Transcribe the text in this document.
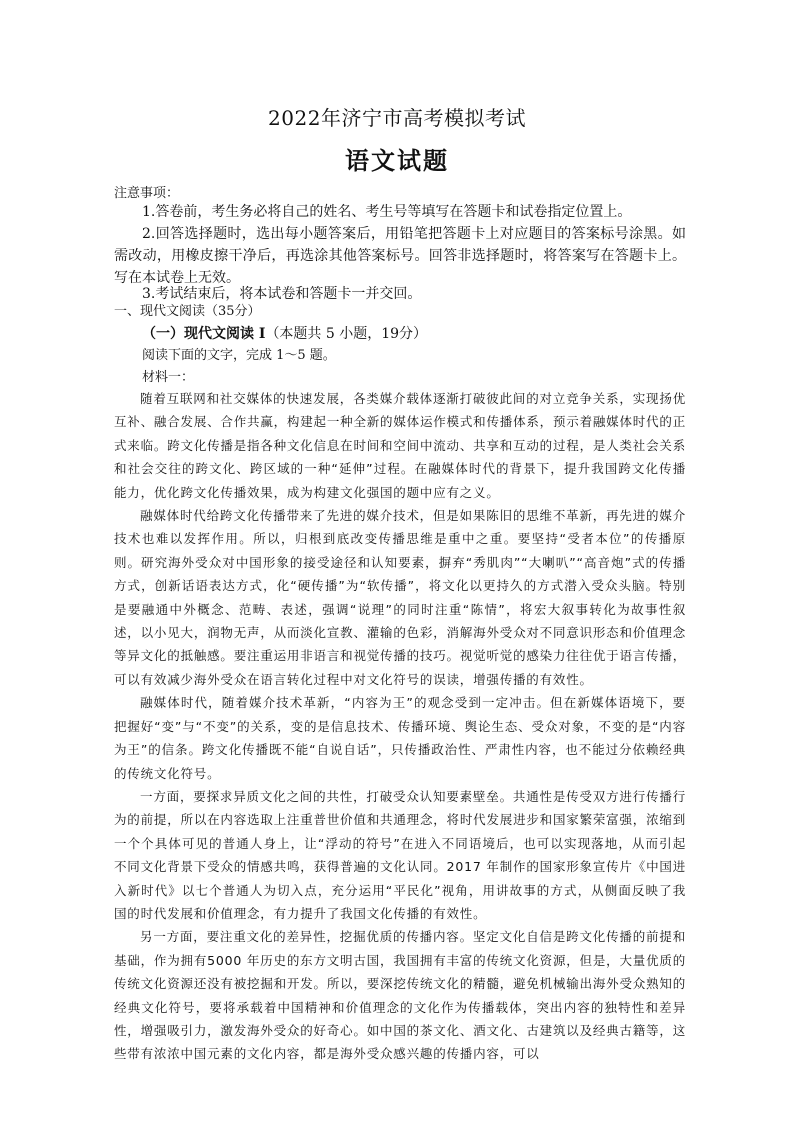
2022年济宁市高考模拟考试
语文试题
注意事项：

1.答卷前，考生务必将自己的姓名、考生号等填写在答题卡和试卷指定位置上。

2.回答选择题时，选出每小题答案后，用铅笔把答题卡上对应题目的答案标号涂黑。如需改动，用橡皮擦干净后，再选涂其他答案标号。回答非选择题时，将答案写在答题卡上。写在本试卷上无效。

3.考试结束后，将本试卷和答题卡一并交回。

一、现代文阅读（35分）
（一）现代文阅读 I（本题共 5 小题，19分）
阅读下面的文字，完成 1～5 题。
材料一：

随着互联网和社交媒体的快速发展，各类媒介载体逐渐打破彼此间的对立竞争关系，实现扬优互补、融合发展、合作共赢，构建起一种全新的媒体运作模式和传播体系，预示着融媒体时代的正式来临。跨文化传播是指各种文化信息在时间和空间中流动、共享和互动的过程，是人类社会关系和社会交往的跨文化、跨区域的一种“延伸”过程。在融媒体时代的背景下，提升我国跨文化传播能力，优化跨文化传播效果，成为构建文化强国的题中应有之义。

融媒体时代给跨文化传播带来了先进的媒介技术，但是如果陈旧的思维不革新，再先进的媒介技术也难以发挥作用。所以，归根到底改变传播思维是重中之重。要坚持“受者本位”的传播原则。研究海外受众对中国形象的接受途径和认知要素，摒弃“秀肌肉”“大喇叭”“高音炮”式的传播方式，创新话语表达方式，化“硬传播”为“软传播”，将文化以更持久的方式潜入受众头脑。特别是要融通中外概念、范畴、表述，强调“说理”的同时注重“陈情”，将宏大叙事转化为故事性叙述，以小见大，润物无声，从而淡化宣教、灌输的色彩，消解海外受众对不同意识形态和价值理念等异文化的抵触感。要注重运用非语言和视觉传播的技巧。视觉听觉的感染力往往优于语言传播，可以有效减少海外受众在语言转化过程中对文化符号的误读，增强传播的有效性。

融媒体时代，随着媒介技术革新，“内容为王”的观念受到一定冲击。但在新媒体语境下，要把握好“变”与“不变”的关系，变的是信息技术、传播环境、舆论生态、受众对象，不变的是“内容为王”的信条。跨文化传播既不能“自说自话”，只传播政治性、严肃性内容，也不能过分依赖经典的传统文化符号。

一方面，要探求异质文化之间的共性，打破受众认知要素壁垒。共通性是传受双方进行传播行为的前提，所以在内容选取上注重普世价值和共通理念，将时代发展进步和国家繁荣富强，浓缩到一个个具体可见的普通人身上，让“浮动的符号”在进入不同语境后，也可以实现落地，从而引起不同文化背景下受众的情感共鸣，获得普遍的文化认同。2017 年制作的国家形象宣传片《中国进入新时代》以七个普通人为切入点，充分运用“平民化”视角，用讲故事的方式，从侧面反映了我国的时代发展和价值理念，有力提升了我国文化传播的有效性。

另一方面，要注重文化的差异性，挖掘优质的传播内容。坚定文化自信是跨文化传播的前提和基础，作为拥有5000 年历史的东方文明古国，我国拥有丰富的传统文化资源，但是，大量优质的传统文化资源还没有被挖掘和开发。所以，要深挖传统文化的精髓，避免机械输出海外受众熟知的经典文化符号，要将承载着中国精神和价值理念的文化作为传播载体，突出内容的独特性和差异性，增强吸引力，激发海外受众的好奇心。如中国的茶文化、酒文化、古建筑以及经典古籍等，这些带有浓浓中国元素的文化内容，都是海外受众感兴趣的传播内容，可以
